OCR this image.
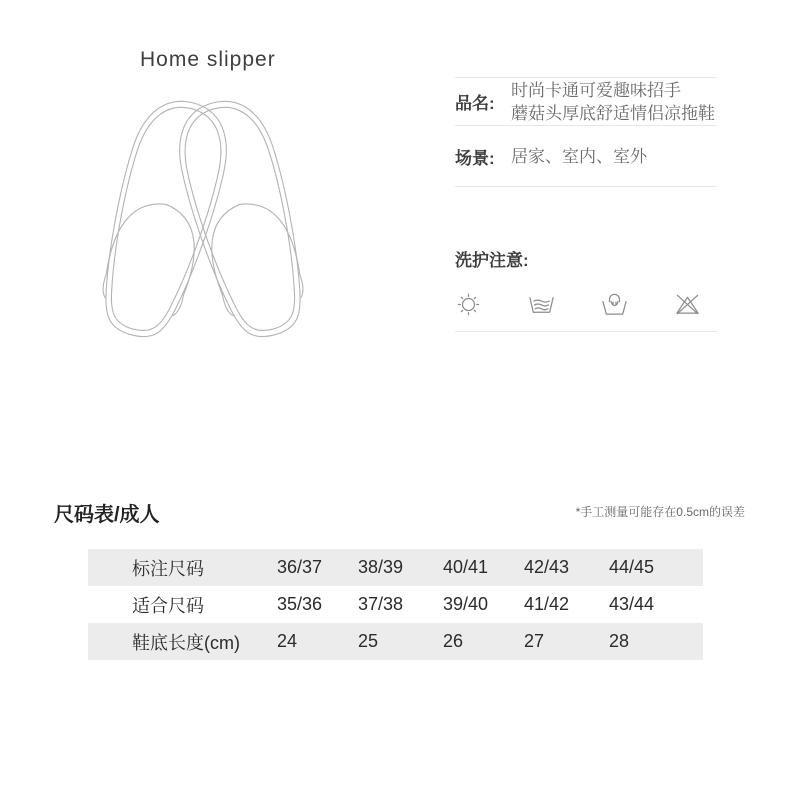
Home slipper
品名:
时尚卡通可爱趣味招手
蘑菇头厚底舒适情侣凉拖鞋
场景: 居家、室内、室外
洗护注意:
尺码表/成人	*手工测量可能存在0.5cm的误差
标注尺码	36/37	38/39	40/41	42/43	44/45
适合尺码	35/36	37/38	39/40	41/42	43/44
鞋底长度(cm)	24	25	26	27	28
